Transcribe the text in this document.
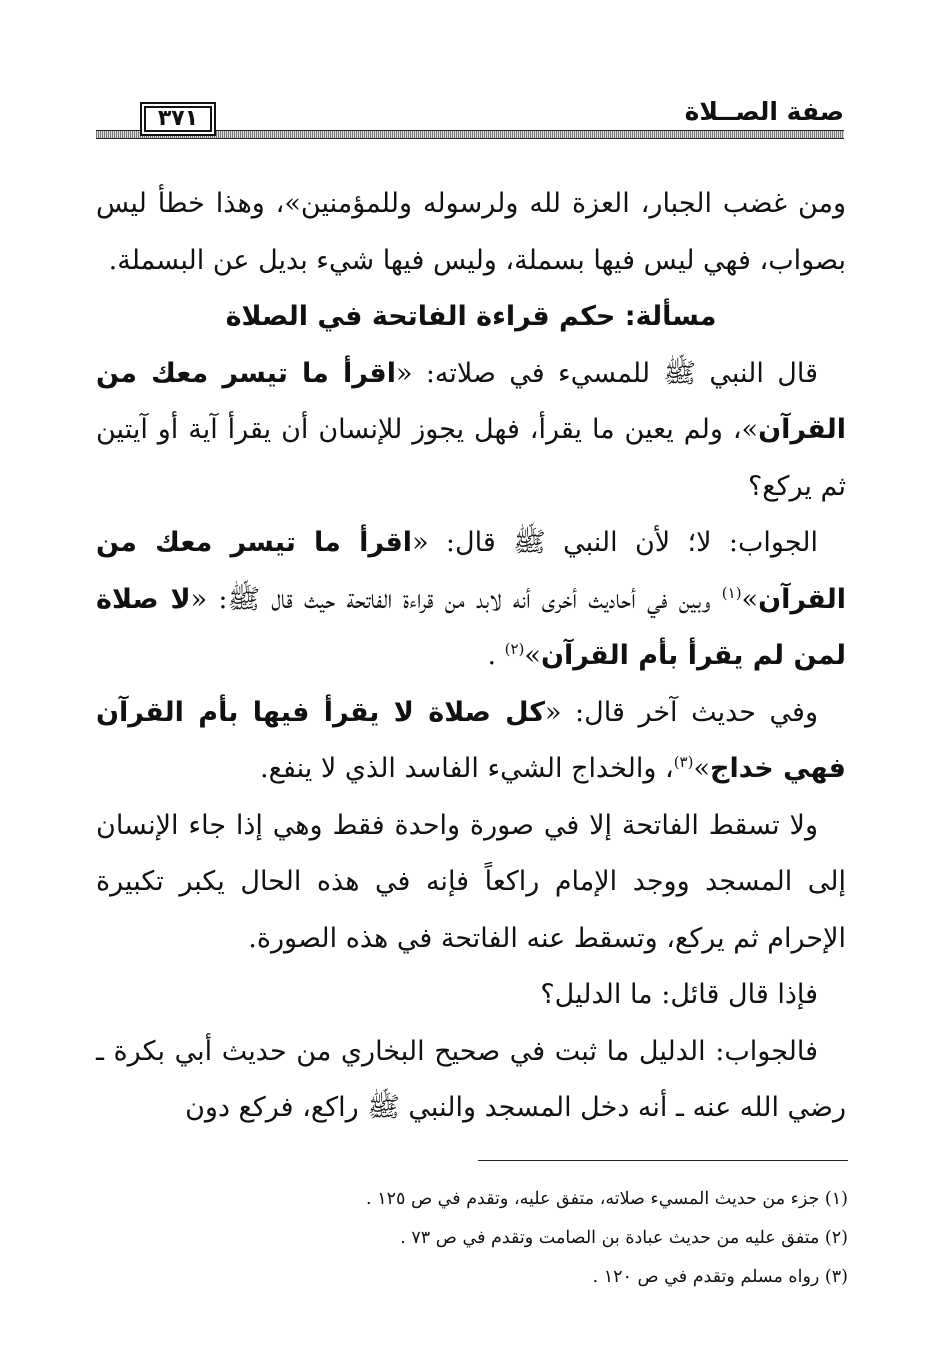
صفة الصــلاة
٣٧١

ومن غضب الجبار، العزة لله ولرسوله وللمؤمنين»، وهذا خطأ ليس بصواب، فهي ليس فيها بسملة، وليس فيها شيء بديل عن البسملة.

مسألة: حكم قراءة الفاتحة في الصلاة

قال النبي ﷺ للمسيء في صلاته: «اقرأ ما تيسر معك من القرآن»، ولم يعين ما يقرأ، فهل يجوز للإنسان أن يقرأ آية أو آيتين ثم يركع؟

الجواب: لا؛ لأن النبي ﷺ قال: «اقرأ ما تيسر معك من القرآن»$^{(١)}$ وبين في أحاديث أخرى أنه لابد من قراءة الفاتحة حيث قال ﷺ: «لا صلاة لمن لم يقرأ بأم القرآن»$^{(٢)}$ .

وفي حديث آخر قال: «كل صلاة لا يقرأ فيها بأم القرآن فهي خداج»$^{(٣)}$، والخداج الشيء الفاسد الذي لا ينفع.

ولا تسقط الفاتحة إلا في صورة واحدة فقط وهي إذا جاء الإنسان إلى المسجد ووجد الإمام راكعاً فإنه في هذه الحال يكبر تكبيرة الإحرام ثم يركع، وتسقط عنه الفاتحة في هذه الصورة.

فإذا قال قائل: ما الدليل؟

فالجواب: الدليل ما ثبت في صحيح البخاري من حديث أبي بكرة ـ رضي الله عنه ـ أنه دخل المسجد والنبي ﷺ راكع، فركع دون

(١) جزء من حديث المسيء صلاته، متفق عليه، وتقدم في ص ١٢٥ .

(٢) متفق عليه من حديث عبادة بن الصامت وتقدم في ص ٧٣ .

(٣) رواه مسلم وتقدم في ص ١٢٠ .
